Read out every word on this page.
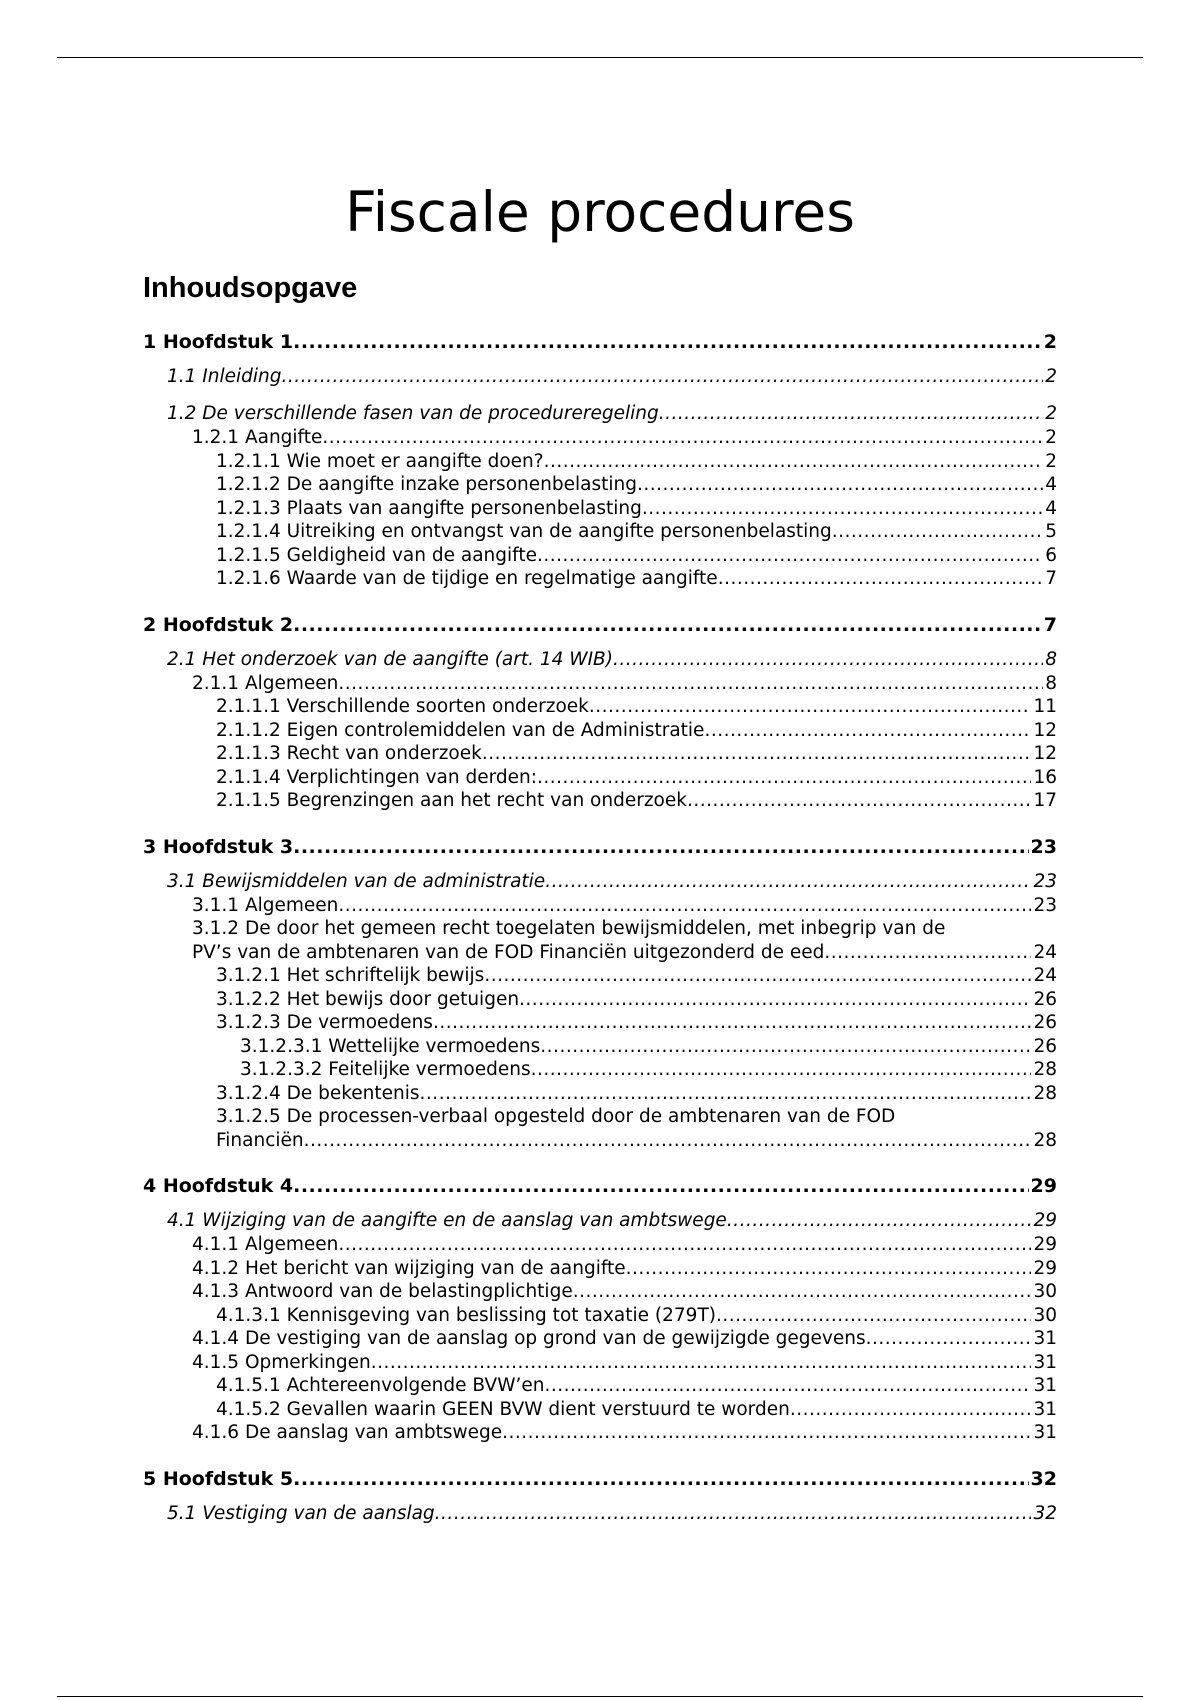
Fiscale procedures
Inhoudsopgave
1 Hoofdstuk 1 .....	2
1.1 Inleiding .....	2
1.2 De verschillende fasen van de procedureregeling .....	2
1.2.1 Aangifte .....	2
1.2.1.1 Wie moet er aangifte doen? .....	2
1.2.1.2 De aangifte inzake personenbelasting .....	4
1.2.1.3 Plaats van aangifte personenbelasting .....	4
1.2.1.4 Uitreiking en ontvangst van de aangifte personenbelasting .....	5
1.2.1.5 Geldigheid van de aangifte .....	6
1.2.1.6 Waarde van de tijdige en regelmatige aangifte .....	7
2 Hoofdstuk 2 .....	7
2.1 Het onderzoek van de aangifte (art. 14 WIB) .....	8
2.1.1 Algemeen .....	8
2.1.1.1 Verschillende soorten onderzoek .....	11
2.1.1.2 Eigen controlemiddelen van de Administratie .....	12
2.1.1.3 Recht van onderzoek .....	12
2.1.1.4 Verplichtingen van derden: .....	16
2.1.1.5 Begrenzingen aan het recht van onderzoek .....	17
3 Hoofdstuk 3 .....	23
3.1 Bewijsmiddelen van de administratie .....	23
3.1.1 Algemeen .....	23
3.1.2 De door het gemeen recht toegelaten bewijsmiddelen, met inbegrip van de
PV’s van de ambtenaren van de FOD Financiën uitgezonderd de eed .....	24
3.1.2.1 Het schriftelijk bewijs .....	24
3.1.2.2 Het bewijs door getuigen .....	26
3.1.2.3 De vermoedens .....	26
3.1.2.3.1 Wettelijke vermoedens .....	26
3.1.2.3.2 Feitelijke vermoedens .....	28
3.1.2.4 De bekentenis .....	28
3.1.2.5 De processen-verbaal opgesteld door de ambtenaren van de FOD
Financiën .....	28
4 Hoofdstuk 4 .....	29
4.1 Wijziging van de aangifte en de aanslag van ambtswege .....	29
4.1.1 Algemeen .....	29
4.1.2 Het bericht van wijziging van de aangifte .....	29
4.1.3 Antwoord van de belastingplichtige .....	30
4.1.3.1 Kennisgeving van beslissing tot taxatie (279T) .....	30
4.1.4 De vestiging van de aanslag op grond van de gewijzigde gegevens .....	31
4.1.5 Opmerkingen .....	31
4.1.5.1 Achtereenvolgende BVW’en .....	31
4.1.5.2 Gevallen waarin GEEN BVW dient verstuurd te worden .....	31
4.1.6 De aanslag van ambtswege .....	31
5 Hoofdstuk 5 .....	32
5.1 Vestiging van de aanslag .....	32
